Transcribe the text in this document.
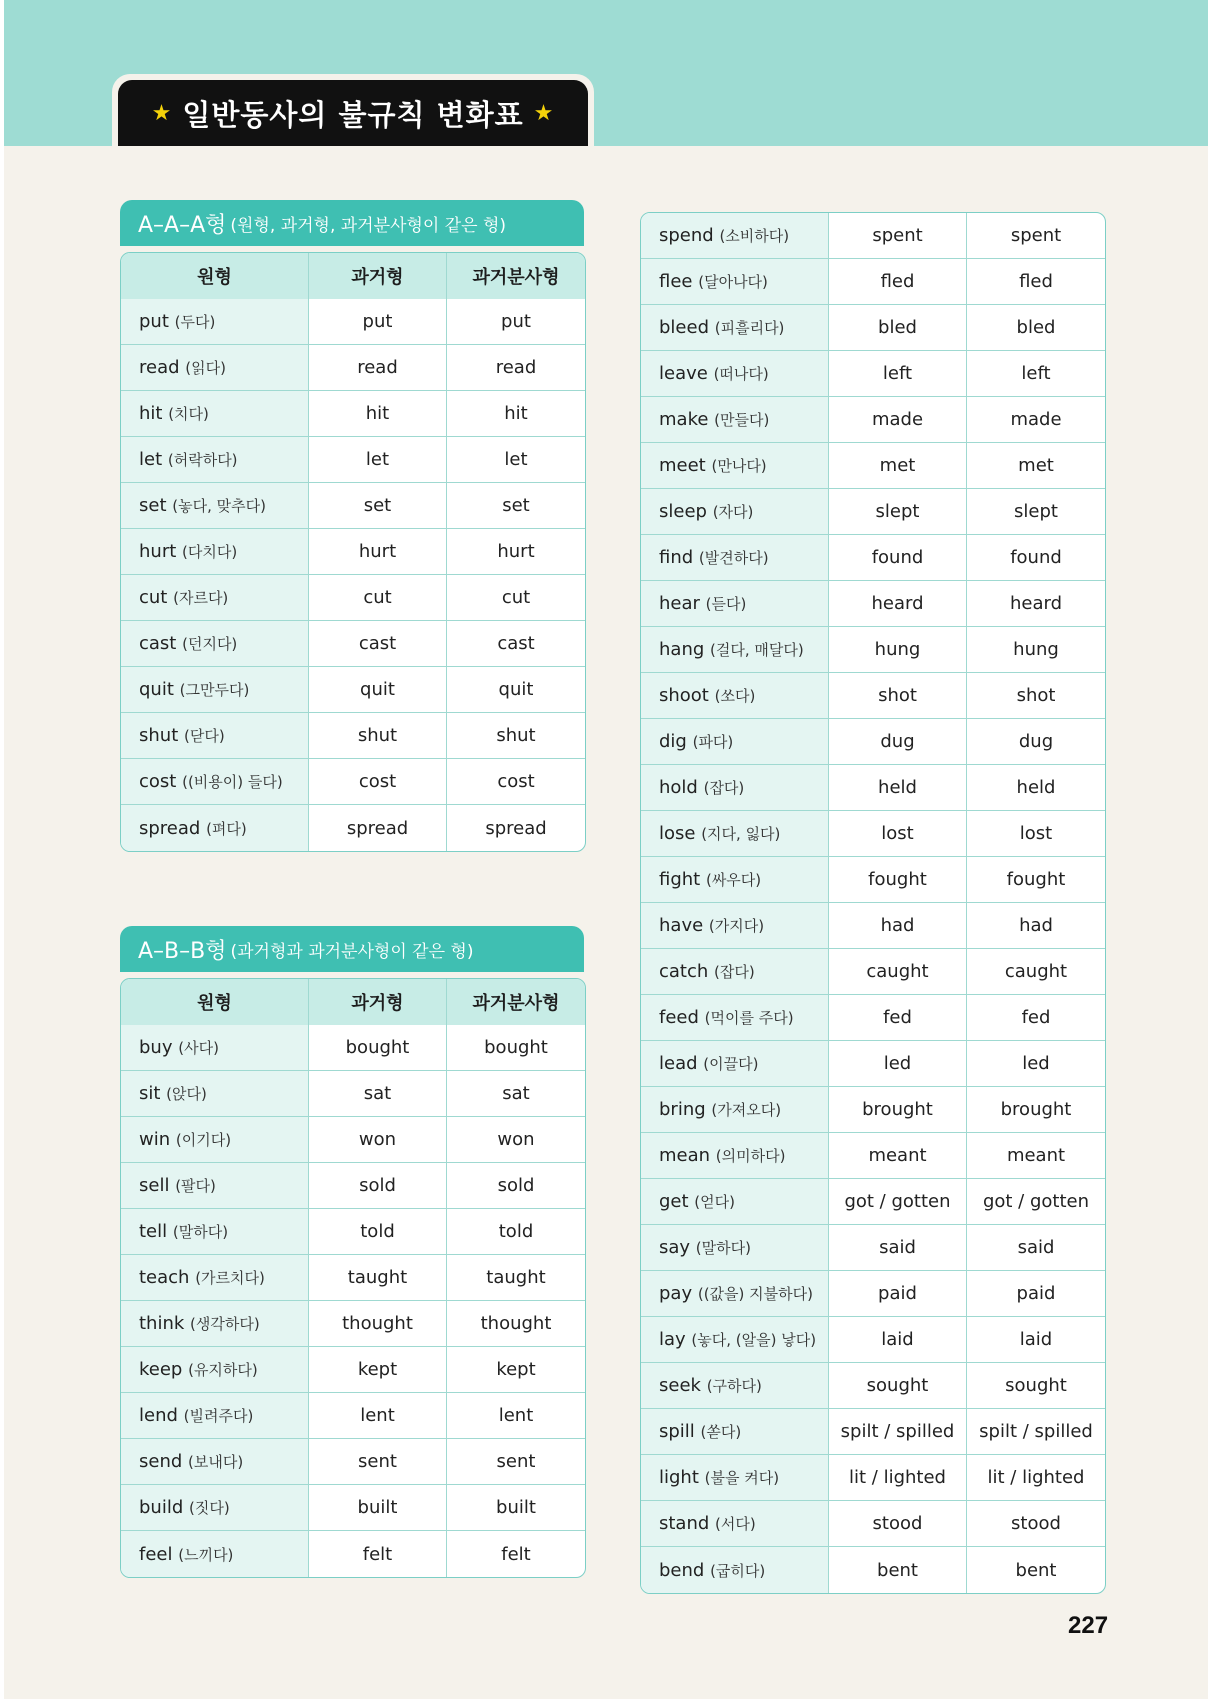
★ 일반동사의 불규칙 변화표 ★
A–A–A형 (원형, 과거형, 과거분사형이 같은 형)
원형	과거형	과거분사형
put (두다)	put	put
read (읽다)	read	read
hit (치다)	hit	hit
let (허락하다)	let	let
set (놓다, 맞추다)	set	set
hurt (다치다)	hurt	hurt
cut (자르다)	cut	cut
cast (던지다)	cast	cast
quit (그만두다)	quit	quit
shut (닫다)	shut	shut
cost ((비용이) 들다)	cost	cost
spread (펴다)	spread	spread
A–B–B형 (과거형과 과거분사형이 같은 형)
원형	과거형	과거분사형
buy (사다)	bought	bought
sit (앉다)	sat	sat
win (이기다)	won	won
sell (팔다)	sold	sold
tell (말하다)	told	told
teach (가르치다)	taught	taught
think (생각하다)	thought	thought
keep (유지하다)	kept	kept
lend (빌려주다)	lent	lent
send (보내다)	sent	sent
build (짓다)	built	built
feel (느끼다)	felt	felt
spend (소비하다)	spent	spent
flee (달아나다)	fled	fled
bleed (피흘리다)	bled	bled
leave (떠나다)	left	left
make (만들다)	made	made
meet (만나다)	met	met
sleep (자다)	slept	slept
find (발견하다)	found	found
hear (듣다)	heard	heard
hang (걸다, 매달다)	hung	hung
shoot (쏘다)	shot	shot
dig (파다)	dug	dug
hold (잡다)	held	held
lose (지다, 잃다)	lost	lost
fight (싸우다)	fought	fought
have (가지다)	had	had
catch (잡다)	caught	caught
feed (먹이를 주다)	fed	fed
lead (이끌다)	led	led
bring (가져오다)	brought	brought
mean (의미하다)	meant	meant
get (얻다)	got / gotten	got / gotten
say (말하다)	said	said
pay ((값을) 지불하다)	paid	paid
lay (놓다, (알을) 낳다)	laid	laid
seek (구하다)	sought	sought
spill (쏟다)	spilt / spilled	spilt / spilled
light (불을 켜다)	lit / lighted	lit / lighted
stand (서다)	stood	stood
bend (굽히다)	bent	bent
227
